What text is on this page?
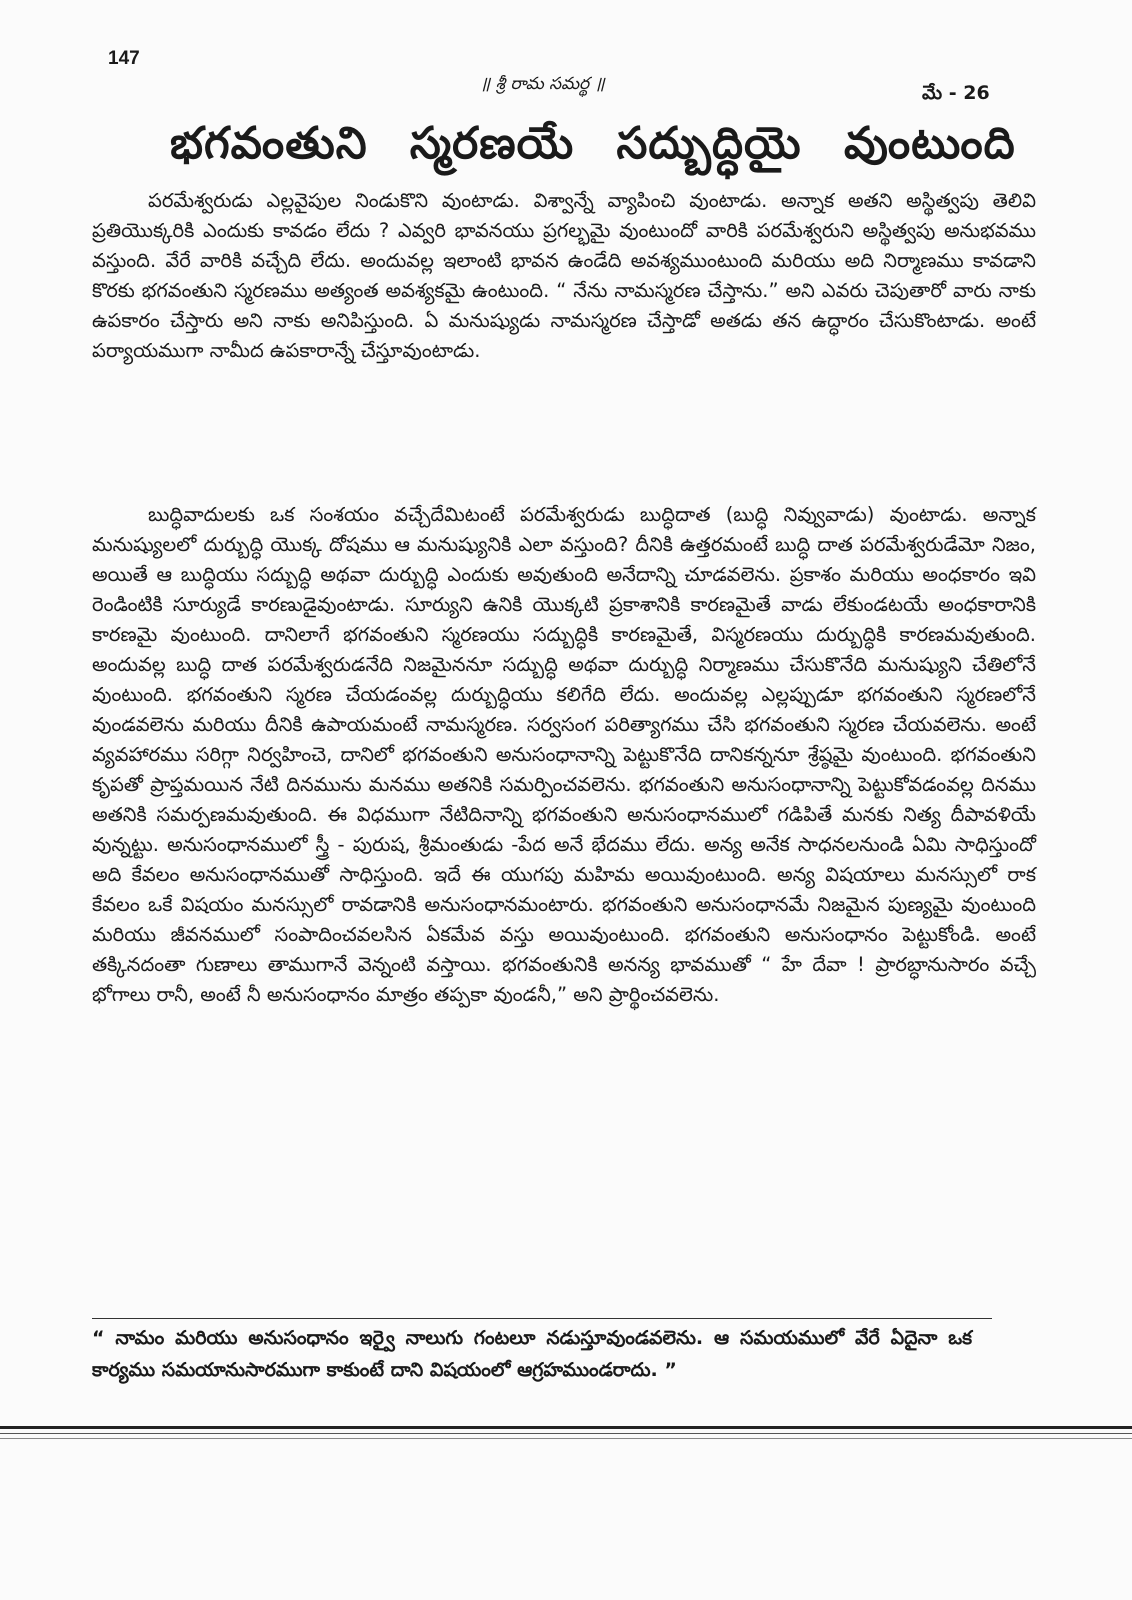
147
॥ శ్రీ రామ సమర్థ ॥	మే - 26
భగవంతుని స్మరణయే సద్బుద్ధియై వుంటుంది

పరమేశ్వరుడు ఎల్లవైపుల నిండుకొని వుంటాడు. విశ్వాన్నే వ్యాపించి వుంటాడు. అన్నాక అతని అస్థిత్వపు తెలివి ప్రతియొక్కరికి ఎందుకు కావడం లేదు ? ఎవ్వరి భావనయు ప్రగల్భమై వుంటుందో వారికి పరమేశ్వరుని అస్థిత్వపు అనుభవము వస్తుంది. వేరే వారికి వచ్చేది లేదు. అందువల్ల ఇలాంటి భావన ఉండేది అవశ్యముంటుంది మరియు అది నిర్మాణము కావడాని కొరకు భగవంతుని స్మరణము అత్యంత అవశ్యకమై ఉంటుంది. “ నేను నామస్మరణ చేస్తాను.” అని ఎవరు చెపుతారో వారు నాకు ఉపకారం చేస్తారు అని నాకు అనిపిస్తుంది. ఏ మనుష్యుడు నామస్మరణ చేస్తాడో అతడు తన ఉద్ధారం చేసుకొంటాడు. అంటే పర్యాయముగా నామీద ఉపకారాన్నే చేస్తూవుంటాడు.

బుద్ధివాదులకు ఒక సంశయం వచ్చేదేమిటంటే పరమేశ్వరుడు బుద్ధిదాత (బుద్ధి నివ్వువాడు) వుంటాడు. అన్నాక మనుష్యులలో దుర్బుద్ధి యొక్క దోషము ఆ మనుష్యునికి ఎలా వస్తుంది? దీనికి ఉత్తరమంటే బుద్ధి దాత పరమేశ్వరుడేమో నిజం, అయితే ఆ బుద్ధియు సద్బుద్ధి అథవా దుర్బుద్ధి ఎందుకు అవుతుంది అనేదాన్ని చూడవలెను. ప్రకాశం మరియు అంధకారం ఇవి రెండింటికి సూర్యుడే కారణుడైవుంటాడు. సూర్యుని ఉనికి యొక్కటి ప్రకాశానికి కారణమైతే వాడు లేకుండటయే అంధకారానికి కారణమై వుంటుంది. దానిలాగే భగవంతుని స్మరణయు సద్బుద్ధికి కారణమైతే, విస్మరణయు దుర్బుద్ధికి కారణమవుతుంది. అందువల్ల బుద్ధి దాత పరమేశ్వరుడనేది నిజమైననూ సద్బుద్ధి అథవా దుర్బుద్ధి నిర్మాణము చేసుకొనేది మనుష్యుని చేతిలోనే వుంటుంది. భగవంతుని స్మరణ చేయడంవల్ల దుర్బుద్ధియు కలిగేది లేదు. అందువల్ల ఎల్లప్పుడూ భగవంతుని స్మరణలోనే వుండవలెను మరియు దీనికి ఉపాయమంటే నామస్మరణ. సర్వసంగ పరిత్యాగము చేసి భగవంతుని స్మరణ చేయవలెను. అంటే వ్యవహారము సరిగ్గా నిర్వహించె, దానిలో భగవంతుని అనుసంధానాన్ని పెట్టుకొనేది దానికన్ననూ శ్రేష్ఠమై వుంటుంది. భగవంతుని కృపతో ప్రాప్తమయిన నేటి దినమును మనము అతనికి సమర్పించవలెను. భగవంతుని అనుసంధానాన్ని పెట్టుకోవడంవల్ల దినము అతనికి సమర్పణమవుతుంది. ఈ విధముగా నేటిదినాన్ని భగవంతుని అనుసంధానములో గడిపితే మనకు నిత్య దీపావళియే వున్నట్టు. అనుసంధానములో స్త్రీ - పురుష, శ్రీమంతుడు -పేద అనే భేదము లేదు. అన్య అనేక సాధనలనుండి ఏమి సాధిస్తుందో అది కేవలం అనుసంధానముతో సాధిస్తుంది. ఇదే ఈ యుగపు మహిమ అయివుంటుంది. అన్య విషయాలు మనస్సులో రాక కేవలం ఒకే విషయం మనస్సులో రావడానికి అనుసంధానమంటారు. భగవంతుని అనుసంధానమే నిజమైన పుణ్యమై వుంటుంది మరియు జీవనములో సంపాదించవలసిన ఏకమేవ వస్తు అయివుంటుంది. భగవంతుని అనుసంధానం పెట్టుకోండి. అంటే తక్కినదంతా గుణాలు తాముగానే వెన్నంటి వస్తాయి. భగవంతునికి అనన్య భావముతో “ హే దేవా ! ప్రారబ్ధానుసారం వచ్చే భోగాలు రానీ, అంటే నీ అనుసంధానం మాత్రం తప్పకా వుండనీ,” అని ప్రార్థించవలెను.

“ నామం మరియు అనుసంధానం ఇర్వై నాలుగు గంటలూ నడుస్తూవుండవలెను. ఆ సమయములో వేరే ఏదైనా ఒక కార్యము సమయానుసారముగా కాకుంటే దాని విషయంలో ఆగ్రహముండరాదు. ”
